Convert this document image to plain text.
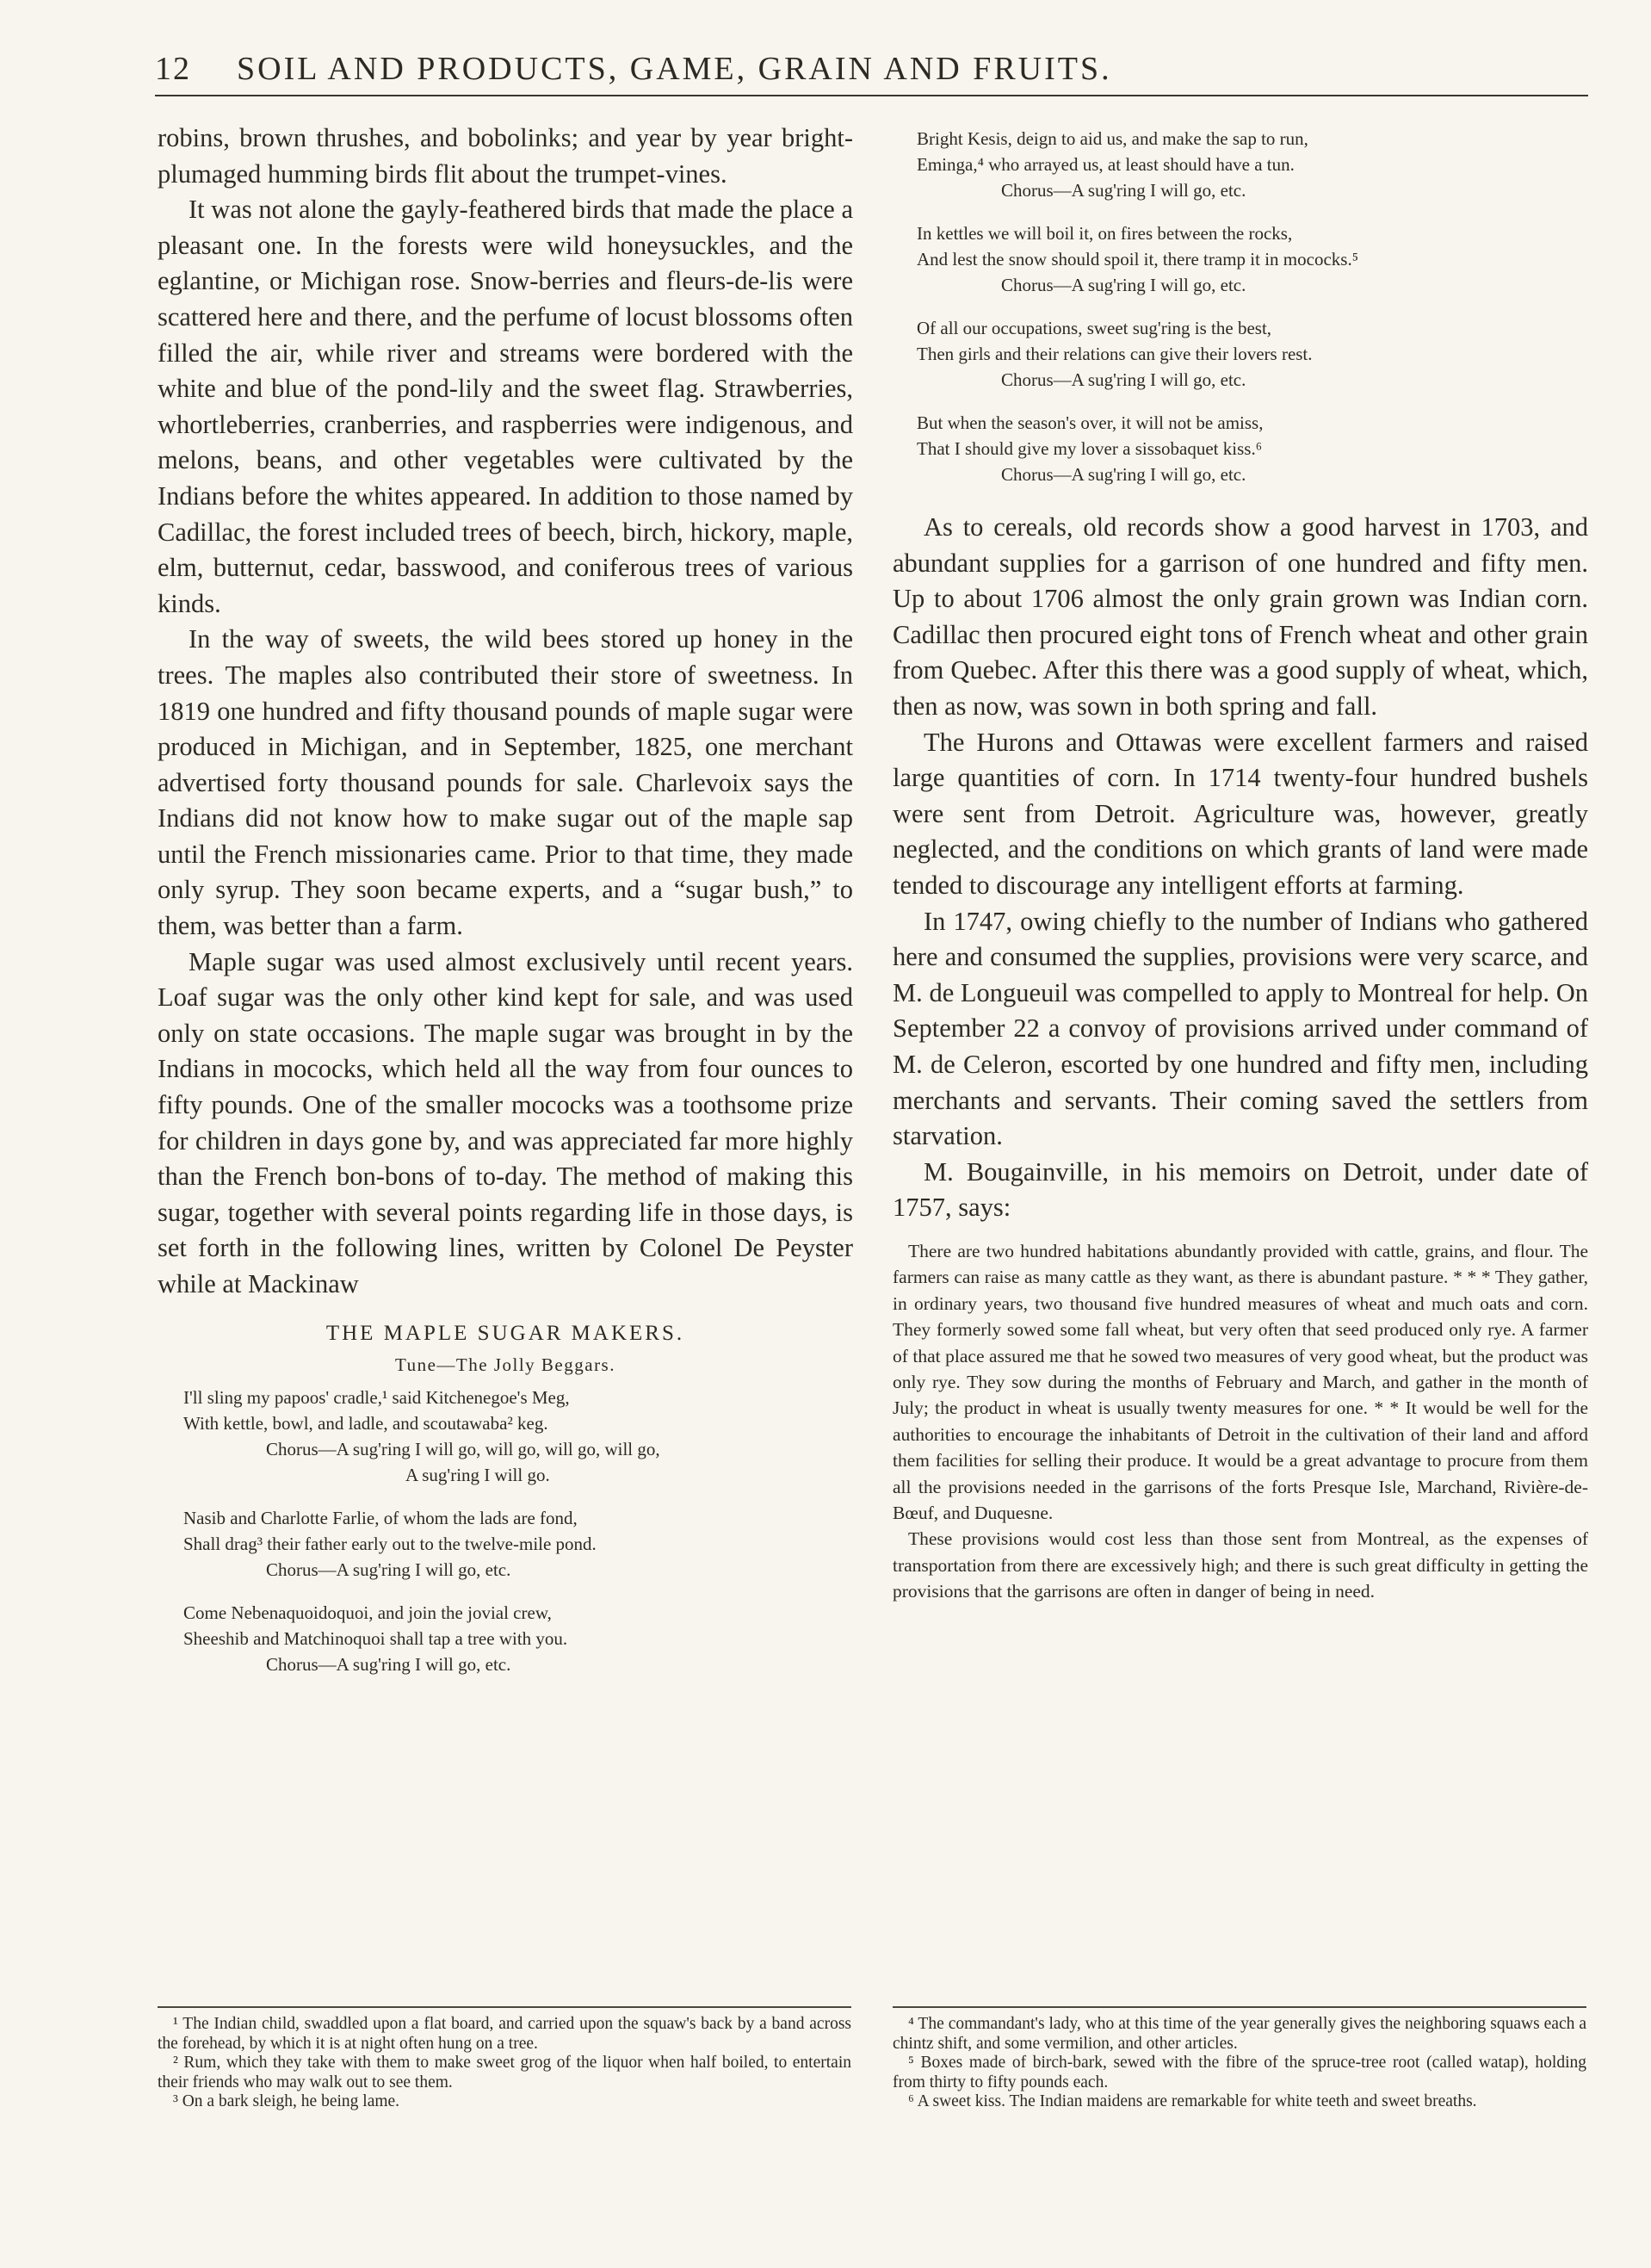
12 SOIL AND PRODUCTS, GAME, GRAIN AND FRUITS.

robins, brown thrushes, and bobolinks; and year by year bright-plumaged humming birds flit about the trumpet-vines.

It was not alone the gayly-feathered birds that made the place a pleasant one. In the forests were wild honeysuckles, and the eglantine, or Michigan rose. Snow-berries and fleurs-de-lis were scattered here and there, and the perfume of locust blossoms often filled the air, while river and streams were bordered with the white and blue of the pond-lily and the sweet flag. Strawberries, whortleberries, cranberries, and raspberries were indigenous, and melons, beans, and other vegetables were cultivated by the Indians before the whites appeared. In addition to those named by Cadillac, the forest included trees of beech, birch, hickory, maple, elm, butternut, cedar, basswood, and coniferous trees of various kinds.

In the way of sweets, the wild bees stored up honey in the trees. The maples also contributed their store of sweetness. In 1819 one hundred and fifty thousand pounds of maple sugar were produced in Michigan, and in September, 1825, one merchant advertised forty thousand pounds for sale. Charlevoix says the Indians did not know how to make sugar out of the maple sap until the French missionaries came. Prior to that time, they made only syrup. They soon became experts, and a “sugar bush,” to them, was better than a farm.

Maple sugar was used almost exclusively until recent years. Loaf sugar was the only other kind kept for sale, and was used only on state occasions. The maple sugar was brought in by the Indians in mococks, which held all the way from four ounces to fifty pounds. One of the smaller mococks was a toothsome prize for children in days gone by, and was appreciated far more highly than the French bon-bons of to-day. The method of making this sugar, together with several points regarding life in those days, is set forth in the following lines, written by Colonel De Peyster while at Mackinaw

THE MAPLE SUGAR MAKERS.
Tune—The Jolly Beggars.
I'll sling my papoos' cradle,¹ said Kitchenegoe's Meg,
With kettle, bowl, and ladle, and scoutawaba² keg.
Chorus—A sug'ring I will go, will go, will go, will go,
A sug'ring I will go.
Nasib and Charlotte Farlie, of whom the lads are fond,
Shall drag³ their father early out to the twelve-mile pond.
Chorus—A sug'ring I will go, etc.
Come Nebenaquoidoquoi, and join the jovial crew,
Sheeshib and Matchinoquoi shall tap a tree with you.
Chorus—A sug'ring I will go, etc.
Bright Kesis, deign to aid us, and make the sap to run,
Eminga,⁴ who arrayed us, at least should have a tun.
Chorus—A sug'ring I will go, etc.
In kettles we will boil it, on fires between the rocks,
And lest the snow should spoil it, there tramp it in mococks.⁵
Chorus—A sug'ring I will go, etc.
Of all our occupations, sweet sug'ring is the best,
Then girls and their relations can give their lovers rest.
Chorus—A sug'ring I will go, etc.
But when the season's over, it will not be amiss,
That I should give my lover a sissobaquet kiss.⁶
Chorus—A sug'ring I will go, etc.

As to cereals, old records show a good harvest in 1703, and abundant supplies for a garrison of one hundred and fifty men. Up to about 1706 almost the only grain grown was Indian corn. Cadillac then procured eight tons of French wheat and other grain from Quebec. After this there was a good supply of wheat, which, then as now, was sown in both spring and fall.

The Hurons and Ottawas were excellent farmers and raised large quantities of corn. In 1714 twenty-four hundred bushels were sent from Detroit. Agriculture was, however, greatly neglected, and the conditions on which grants of land were made tended to discourage any intelligent efforts at farming.

In 1747, owing chiefly to the number of Indians who gathered here and consumed the supplies, provisions were very scarce, and M. de Longueuil was compelled to apply to Montreal for help. On September 22 a convoy of provisions arrived under command of M. de Celeron, escorted by one hundred and fifty men, including merchants and servants. Their coming saved the settlers from starvation.

M. Bougainville, in his memoirs on Detroit, under date of 1757, says:

There are two hundred habitations abundantly provided with cattle, grains, and flour. The farmers can raise as many cattle as they want, as there is abundant pasture. * * * They gather, in ordinary years, two thousand five hundred measures of wheat and much oats and corn. They formerly sowed some fall wheat, but very often that seed produced only rye. A farmer of that place assured me that he sowed two measures of very good wheat, but the product was only rye. They sow during the months of February and March, and gather in the month of July; the product in wheat is usually twenty measures for one. * * It would be well for the authorities to encourage the inhabitants of Detroit in the cultivation of their land and afford them facilities for selling their produce. It would be a great advantage to procure from them all the provisions needed in the garrisons of the forts Presque Isle, Marchand, Rivière-de-Bœuf, and Duquesne.

These provisions would cost less than those sent from Montreal, as the expenses of transportation from there are excessively high; and there is such great difficulty in getting the provisions that the garrisons are often in danger of being in need.

¹ The Indian child, swaddled upon a flat board, and carried upon the squaw's back by a band across the forehead, by which it is at night often hung on a tree.

² Rum, which they take with them to make sweet grog of the liquor when half boiled, to entertain their friends who may walk out to see them.

³ On a bark sleigh, he being lame.

⁴ The commandant's lady, who at this time of the year generally gives the neighboring squaws each a chintz shift, and some vermilion, and other articles.

⁵ Boxes made of birch-bark, sewed with the fibre of the spruce-tree root (called watap), holding from thirty to fifty pounds each.

⁶ A sweet kiss. The Indian maidens are remarkable for white teeth and sweet breaths.
